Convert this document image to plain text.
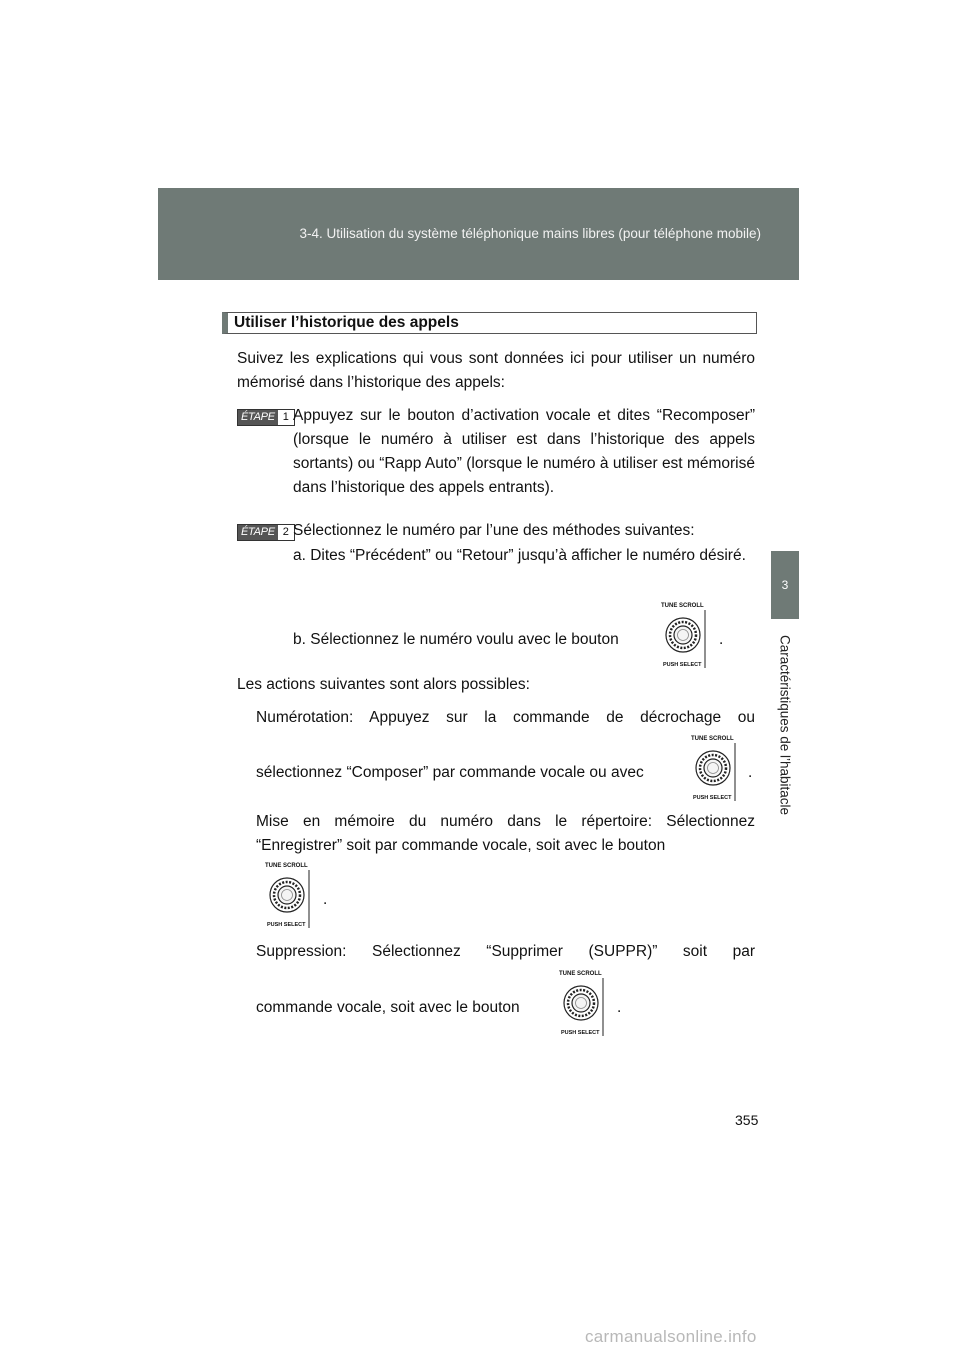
3-4. Utilisation du système téléphonique mains libres (pour téléphone mobile)
3
Caractéristiques de l’habitacle
Utiliser l’historique des appels
Suivez les explications qui vous sont données ici pour utiliser un numéro mémorisé dans l’historique des appels:
ÉTAPE 1 Appuyez sur le bouton d’activation vocale et dites “Recomposer” (lorsque le numéro à utiliser est dans l’historique des appels sortants) ou “Rapp Auto” (lorsque le numéro à utiliser est mémorisé dans l’historique des appels entrants).
ÉTAPE 2 Sélectionnez le numéro par l’une des méthodes suivantes:
a. Dites “Précédent” ou “Retour” jusqu’à afficher le numéro désiré.
b. Sélectionnez le numéro voulu avec le bouton
TUNE SCROLL
PUSH SELECT
.
Les actions suivantes sont alors possibles:
Numérotation: Appuyez sur la commande de décrochage ou
sélectionnez “Composer” par commande vocale ou avec
TUNE SCROLL
PUSH SELECT
.
Mise en mémoire du numéro dans le répertoire: Sélectionnez “Enregistrer” soit par commande vocale, soit avec le bouton
TUNE SCROLL
PUSH SELECT
.
Suppression: Sélectionnez “Supprimer (SUPPR)” soit par
commande vocale, soit avec le bouton
TUNE SCROLL
PUSH SELECT
.
355
carmanualsonline.info
